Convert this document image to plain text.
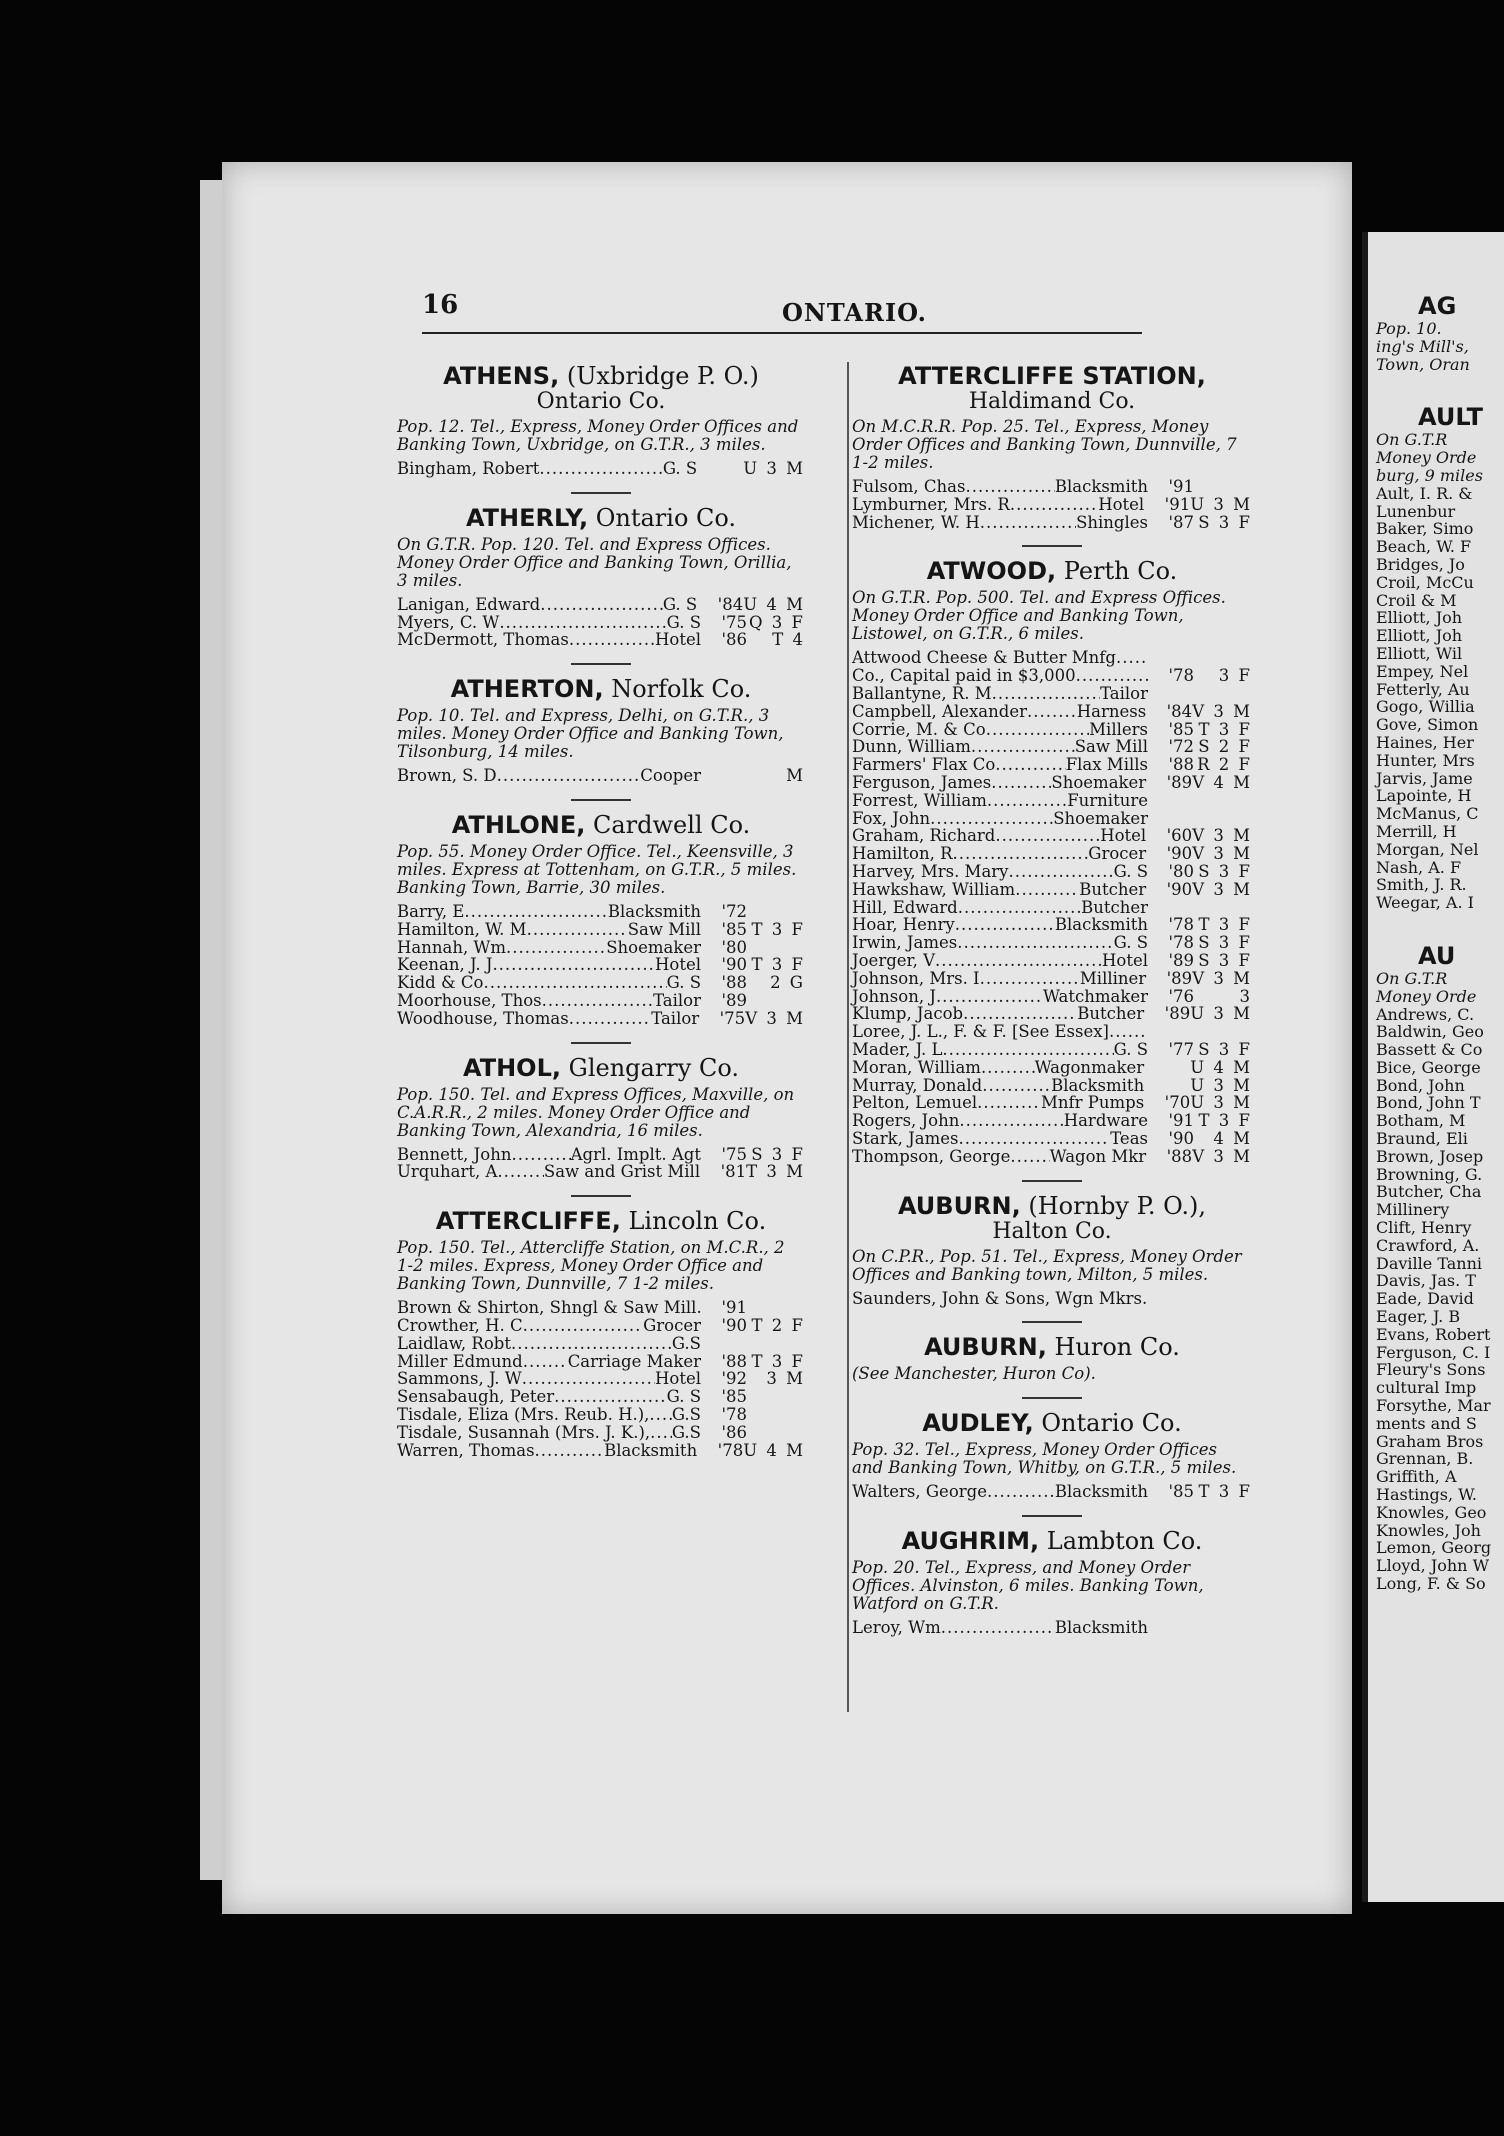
16	ONTARIO.
ATHENS, (Uxbridge P. O.)
Ontario Co.
Pop. 12. Tel., Express, Money Order Offices and Banking Town, Uxbridge, on G.T.R., 3 miles.
Bingham, Robert .....	G. S	U 3 M
ATHERLY, Ontario Co.
On G.T.R. Pop. 120. Tel. and Express Offices. Money Order Office and Banking Town, Orillia, 3 miles.
Lanigan, Edward .....	G. S	'84 U 4 M
Myers, C. W .....	G. S	'75 Q 3 F
McDermott, Thomas .....	Hotel	'86	T 4
ATHERTON, Norfolk Co.
Pop. 10. Tel. and Express, Delhi, on G.T.R., 3 miles. Money Order Office and Banking Town, Tilsonburg, 14 miles.
Brown, S. D .....	Cooper	M
ATHLONE, Cardwell Co.
Pop. 55. Money Order Office. Tel., Keensville, 3 miles. Express at Tottenham, on G.T.R., 5 miles. Banking Town, Barrie, 30 miles.
Barry, E .....	Blacksmith	'72
Hamilton, W. M .....	Saw Mill	'85 T 3 F
Hannah, Wm .....	Shoemaker	'80
Keenan, J. J .....	Hotel	'90 T 3 F
Kidd & Co .....	G. S	'88	2 G
Moorhouse, Thos .....	Tailor	'89
Woodhouse, Thomas .....	Tailor	'75 V 3 M
ATHOL, Glengarry Co.
Pop. 150. Tel. and Express Offices, Maxville, on C.A.R.R., 2 miles. Money Order Office and Banking Town, Alexandria, 16 miles.
Bennett, John .....	Agrl. Implt. Agt	'75 S 3 F
Urquhart, A .....	Saw and Grist Mill	'81 T 3 M
ATTERCLIFFE, Lincoln Co.
Pop. 150. Tel., Attercliffe Station, on M.C.R., 2 1-2 miles. Express, Money Order Office and Banking Town, Dunnville, 7 1-2 miles.
Brown & Shirton, Shngl & Saw Mill .....	'91
Crowther, H. C .....	Grocer	'90 T 2 F
Laidlaw, Robt .....	G.S
Miller Edmund .....	Carriage Maker	'88 T 3 F
Sammons, J. W .....	Hotel	'92	3 M
Sensabaugh, Peter .....	G. S	'85
Tisdale, Eliza (Mrs. Reub. H.), ..... G.S	'78
Tisdale, Susannah (Mrs. J. K.), ..... G.S	'86
Warren, Thomas .....	Blacksmith	'78 U 4 M
ATTERCLIFFE STATION,
Haldimand Co.
On M.C.R.R. Pop. 25. Tel., Express, Money Order Offices and Banking Town, Dunnville, 7 1-2 miles.
Fulsom, Chas .....	Blacksmith	'91
Lymburner, Mrs. R .....	Hotel	'91 U 3 M
Michener, W. H .....	Shingles	'87 S 3 F
ATWOOD, Perth Co.
On G.T.R. Pop. 500. Tel. and Express Offices. Money Order Office and Banking Town, Listowel, on G.T.R., 6 miles.
Attwood Cheese & Butter Mnfg
.....
Co., Capital paid in $3,000 .....	'78	3 F
Ballantyne, R. M .....	Tailor
Campbell, Alexander .....	Harness	'84 V 3 M
Corrie, M. & Co .....	Millers	'85 T 3 F
Dunn, William .....	Saw Mill	'72 S 2 F
Farmers' Flax Co .....	Flax Mills	'88 R 2 F
Ferguson, James .....	Shoemaker	'89 V 4 M
Forrest, William .....	Furniture
Fox, John .....	Shoemaker
Graham, Richard .....	Hotel	'60 V 3 M
Hamilton, R .....	Grocer	'90 V 3 M
Harvey, Mrs. Mary .....	G. S	'80 S 3 F
Hawkshaw, William .....	Butcher	'90 V 3 M
Hill, Edward .....	Butcher
Hoar, Henry .....	Blacksmith	'78 T 3 F
Irwin, James .....	G. S	'78 S 3 F
Joerger, V .....	Hotel	'89 S 3 F
Johnson, Mrs. I .....	Milliner	'89 V 3 M
Johnson, J .....	Watchmaker	'76	3
Klump, Jacob .....	Butcher	'89 U 3 M
Loree, J. L., F. & F. [See Essex]
.....
Mader, J. L .....	G. S	'77 S 3 F
Moran, William .....	Wagonmaker	U 4 M
Murray, Donald .....	Blacksmith	U 3 M
Pelton, Lemuel .....	Mnfr Pumps	'70 U 3 M
Rogers, John .....	Hardware	'91 T 3 F
Stark, James .....	Teas	'90	4 M
Thompson, George ..... Wagon Mkr	'88 V 3 M
AUBURN, (Hornby P. O.),
Halton Co.
On C.P.R., Pop. 51. Tel., Express, Money Order Offices and Banking town, Milton, 5 miles.
Saunders, John & Sons, Wgn Mkrs
.....
AUBURN, Huron Co.
(See Manchester, Huron Co).
AUDLEY, Ontario Co.
Pop. 32. Tel., Express, Money Order Offices and Banking Town, Whitby, on G.T.R., 5 miles.
Walters, George .....	Blacksmith	'85 T 3 F
AUGHRIM, Lambton Co.
Pop. 20. Tel., Express, and Money Order Offices. Alvinston, 6 miles. Banking Town, Watford on G.T.R.
Leroy, Wm .....	Blacksmith
AG
Pop. 10.
ing's Mill's,
Town, Oran
AULT
On G.T.R
Money Orde
burg, 9 miles
Ault, I. R. &
Lunenbur
Baker, Simo
Beach, W. F
Bridges, Jo
Croil, McCu
Croil & M
Elliott, Joh
Elliott, Joh
Elliott, Wil
Empey, Nel
Fetterly, Au
Gogo, Willia
Gove, Simon
Haines, Her
Hunter, Mrs
Jarvis, Jame
Lapointe, H
McManus, C
Merrill, H
Morgan, Nel
Nash, A. F
Smith, J. R.
Weegar, A. I
AU
On G.T.R
Money Orde
Andrews, C.
Baldwin, Geo
Bassett & Co
Bice, George
Bond, John
Bond, John T
Botham, M
Braund, Eli
Brown, Josep
Browning, G.
Butcher, Cha
Millinery
Clift, Henry
Crawford, A.
Daville Tanni
Davis, Jas. T
Eade, David
Eager, J. B
Evans, Robert
Ferguson, C. I
Fleury's Sons
cultural Imp
Forsythe, Mar
ments and S
Graham Bros
Grennan, B.
Griffith, A
Hastings, W.
Knowles, Geo
Knowles, Joh
Lemon, Georg
Lloyd, John W
Long, F. & So
